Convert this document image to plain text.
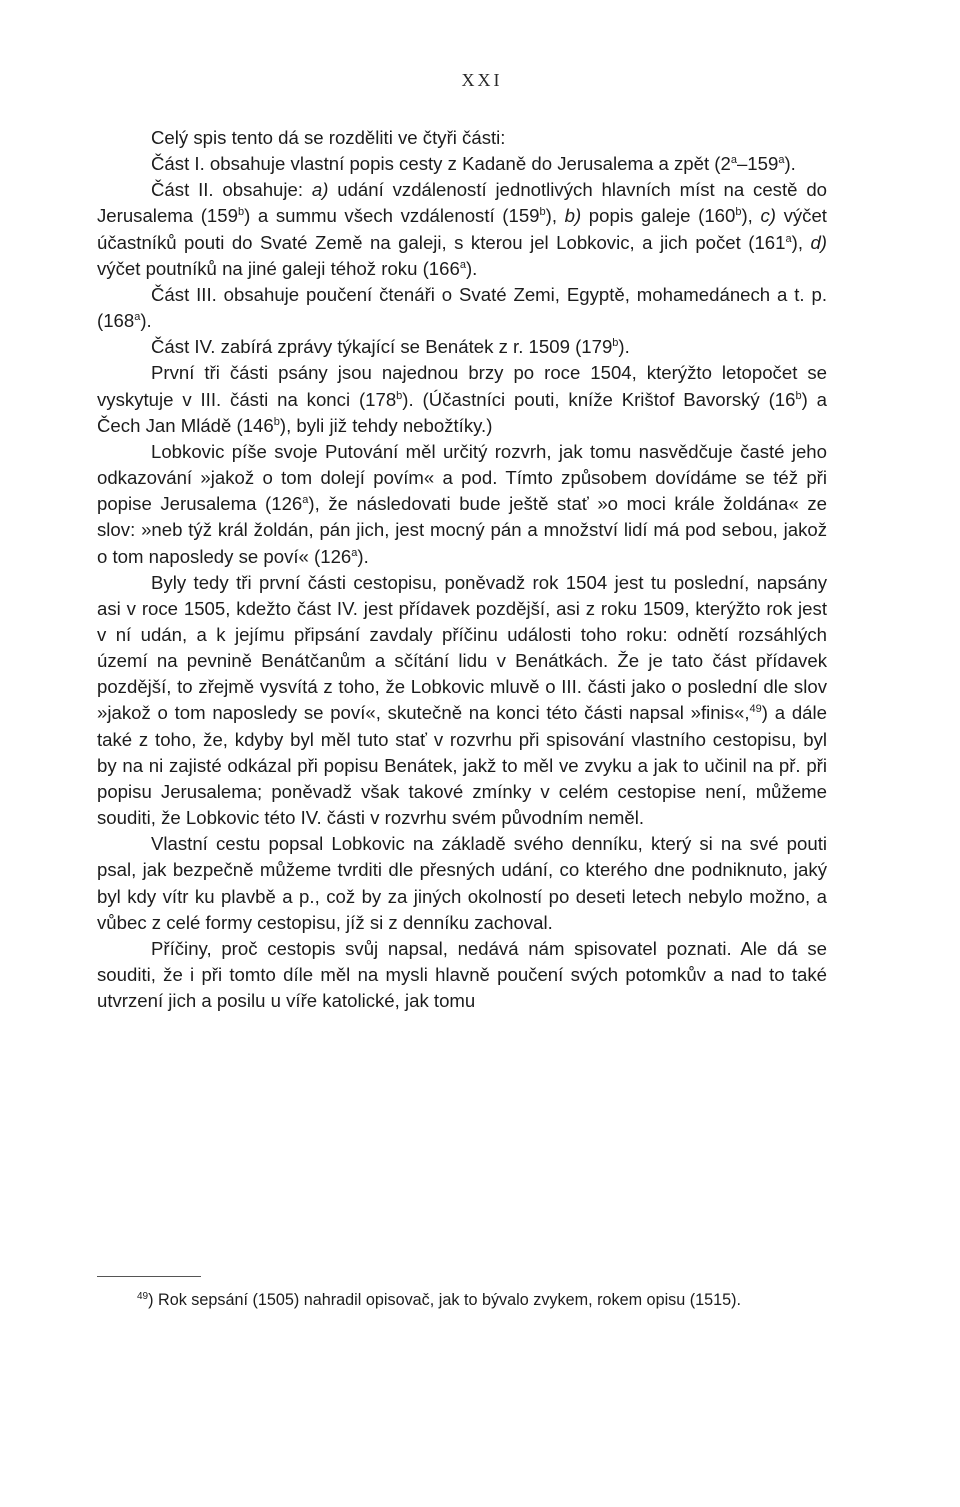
XXI

Celý spis tento dá se rozděliti ve čtyři části:

Část I. obsahuje vlastní popis cesty z Kadaně do Jerusalema a zpět (2$^a$–159$^a$).

Část II. obsahuje: a) udání vzdáleností jednotlivých hlavních míst na cestě do Jerusalema (159$^b$) a summu všech vzdáleností (159$^b$), b) popis galeje (160$^b$), c) výčet účastníků pouti do Svaté Země na galeji, s kterou jel Lobkovic, a jich počet (161$^a$), d) výčet poutníků na jiné galeji téhož roku (166$^a$).

Část III. obsahuje poučení čtenáři o Svaté Zemi, Egyptě, mohamedánech a t. p. (168$^a$).

Část IV. zabírá zprávy týkající se Benátek z r. 1509 (179$^b$).

První tři části psány jsou najednou brzy po roce 1504, kterýžto letopočet se vyskytuje v III. části na konci (178$^b$). (Účastníci pouti, kníže Krištof Bavorský (16$^b$) a Čech Jan Mládě (146$^b$), byli již tehdy nebožtíky.)

Lobkovic píše svoje Putování měl určitý rozvrh, jak tomu nasvědčuje časté jeho odkazování »jakož o tom dolejí povím« a pod. Tímto způsobem dovídáme se též při popise Jerusalema (126$^a$), že následovati bude ještě stať »o moci krále žoldána« ze slov: »neb týž král žoldán, pán jich, jest mocný pán a množství lidí má pod sebou, jakož o tom naposledy se poví« (126$^a$).

Byly tedy tři první části cestopisu, poněvadž rok 1504 jest tu poslední, napsány asi v roce 1505, kdežto část IV. jest přídavek pozdější, asi z roku 1509, kterýžto rok jest v ní udán, a k jejímu připsání zavdaly příčinu události toho roku: odnětí rozsáhlých území na pevnině Benátčanům a sčítání lidu v Benátkách. Že je tato část přídavek pozdější, to zřejmě vysvítá z toho, že Lobkovic mluvě o III. části jako o poslední dle slov »jakož o tom naposledy se poví«, skutečně na konci této části napsal »finis«,$^{49}$) a dále také z toho, že, kdyby byl měl tuto stať v rozvrhu při spisování vlastního cestopisu, byl by na ni zajisté odkázal při popisu Benátek, jakž to měl ve zvyku a jak to učinil na př. při popisu Jerusalema; poněvadž však takové zmínky v celém cestopise není, můžeme souditi, že Lobkovic této IV. části v rozvrhu svém původním neměl.

Vlastní cestu popsal Lobkovic na základě svého denníku, který si na své pouti psal, jak bezpečně můžeme tvrditi dle přesných udání, co kterého dne podniknuto, jaký byl kdy vítr ku plavbě a p., což by za jiných okolností po deseti letech nebylo možno, a vůbec z celé formy cestopisu, jíž si z denníku zachoval.

Příčiny, proč cestopis svůj napsal, nedává nám spisovatel poznati. Ale dá se souditi, že i při tomto díle měl na mysli hlavně poučení svých potomkův a nad to také utvrzení jich a posilu u víře katolické, jak tomu

$^{49}$) Rok sepsání (1505) nahradil opisovač, jak to bývalo zvykem, rokem opisu (1515).
